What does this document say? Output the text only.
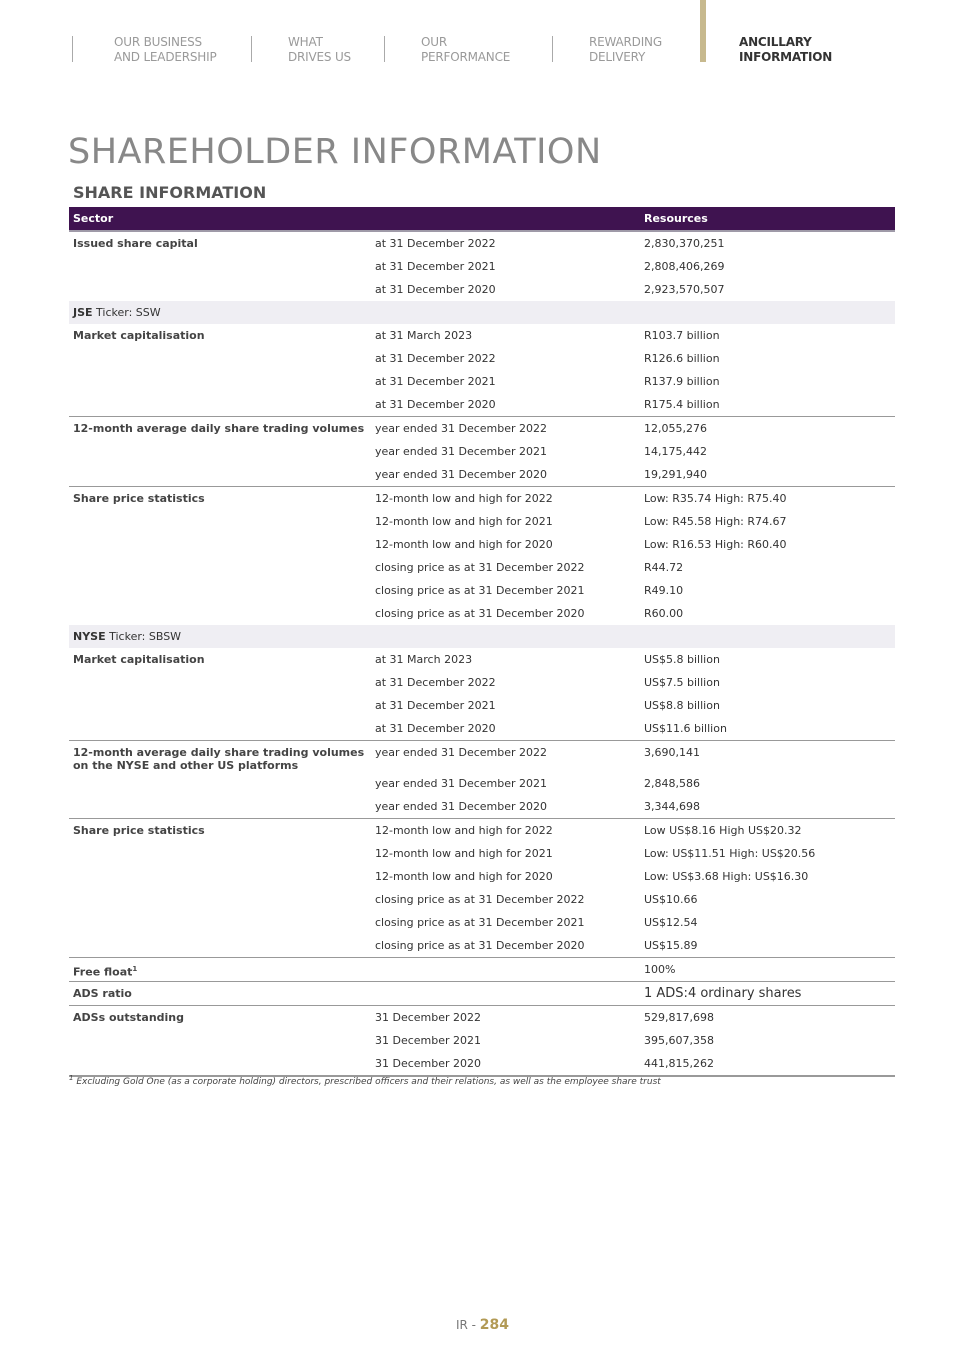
OUR BUSINESS
AND LEADERSHIP
WHAT
DRIVES US
OUR
PERFORMANCE
REWARDING
DELIVERY
ANCILLARY
INFORMATION
SHAREHOLDER INFORMATION
SHARE INFORMATION
Sector		Resources
Issued share capital	at 31 December 2022	2,830,370,251
	at 31 December 2021	2,808,406,269
	at 31 December 2020	2,923,570,507
JSE Ticker: SSW		
Market capitalisation	at 31 March 2023	R103.7 billion
	at 31 December 2022	R126.6 billion
	at 31 December 2021	R137.9 billion
	at 31 December 2020	R175.4 billion
12-month average daily share trading volumes	year ended 31 December 2022	12,055,276
	year ended 31 December 2021	14,175,442
	year ended 31 December 2020	19,291,940
Share price statistics	12-month low and high for 2022	Low: R35.74 High: R75.40
	12-month low and high for 2021	Low: R45.58 High: R74.67
	12-month low and high for 2020	Low: R16.53 High: R60.40
	closing price as at 31 December 2022	R44.72
	closing price as at 31 December 2021	R49.10
	closing price as at 31 December 2020	R60.00
NYSE Ticker: SBSW		
Market capitalisation	at 31 March 2023	US$5.8 billion
	at 31 December 2022	US$7.5 billion
	at 31 December 2021	US$8.8 billion
	at 31 December 2020	US$11.6 billion
12-month average daily share trading volumes on the NYSE and other US platforms	year ended 31 December 2022	3,690,141
	year ended 31 December 2021	2,848,586
	year ended 31 December 2020	3,344,698
Share price statistics	12-month low and high for 2022	Low US$8.16 High US$20.32
	12-month low and high for 2021	Low: US$11.51 High: US$20.56
	12-month low and high for 2020	Low: US$3.68 High: US$16.30
	closing price as at 31 December 2022	US$10.66
	closing price as at 31 December 2021	US$12.54
	closing price as at 31 December 2020	US$15.89
Free float$^1$		100%
ADS ratio		1 ADS:4 ordinary shares
ADSs outstanding	31 December 2022	529,817,698
	31 December 2021	395,607,358
	31 December 2020	441,815,262
$^1$ Excluding Gold One (as a corporate holding) directors, prescribed officers and their relations, as well as the employee share trust
IR - 284
